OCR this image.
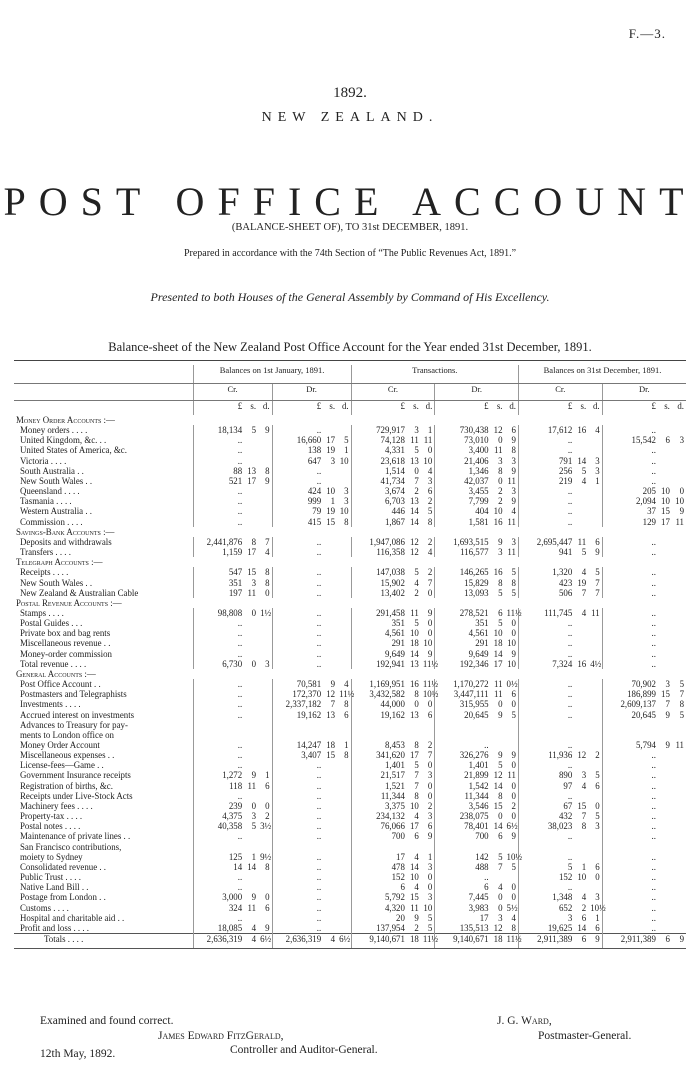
F.—3.
1892.
NEW ZEALAND.
POST OFFICE ACCOUNT
(BALANCE-SHEET OF), TO 31st DECEMBER, 1891.
Prepared in accordance with the 74th Section of “The Public Revenues Act, 1891.”
Presented to both Houses of the General Assembly by Command of His Excellency.
Balance-sheet of the New Zealand Post Office Account for the Year ended 31st December, 1891.
	Balances on 1st January, 1891.						Transactions.						Balances on 31st December, 1891.					
	Cr.			Dr.			Cr.			Dr.			Cr.			Dr.		
	£	s.	d.	£	s.	d.	£	s.	d.	£	s.	d.	£	s.	d.	£	s.	d.
Money Order Accounts :—																		
Money orders . . . .	18,134	5	9	..			729,917	3	1	730,438	12	6	17,612	16	4	..		
United Kingdom, &c. . .	..			16,660	17	5	74,128	11	11	73,010	0	9	..			15,542	6	3
United States of America, &c.	..			138	19	1	4,331	5	0	3,400	11	8	..			..		
Victoria . . . .	..			647	3	10	23,618	13	10	21,406	3	3	791	14	3	..		
South Australia . .	88	13	8	..			1,514	0	4	1,346	8	9	256	5	3	..		
New South Wales . .	521	17	9	..			41,734	7	3	42,037	0	11	219	4	1	..		
Queensland . . . .	..			424	10	3	3,674	2	6	3,455	2	3	..			205	10	0
Tasmania . . . .	..			999	1	3	6,703	13	2	7,799	2	9	..			2,094	10	10
Western Australia . .	..			79	19	10	446	14	5	404	10	4	..			37	15	9
Commission . . . .	..			415	15	8	1,867	14	8	1,581	16	11	..			129	17	11
Savings-Bank Accounts :—																		
Deposits and withdrawals	2,441,876	8	7	..			1,947,086	12	2	1,693,515	9	3	2,695,447	11	6	..		
Transfers . . . .	1,159	17	4	..			116,358	12	4	116,577	3	11	941	5	9	..		
Telegraph Accounts :—																		
Receipts . . . .	547	15	8	..			147,038	5	2	146,265	16	5	1,320	4	5	..		
New South Wales . .	351	3	8	..			15,902	4	7	15,829	8	8	423	19	7	..		
New Zealand & Australian Cable	197	11	0	..			13,402	2	0	13,093	5	5	506	7	7	..		
Postal Revenue Accounts :—																		
Stamps . . . .	98,808	0	1½	..			291,458	11	9	278,521	6	11½	111,745	4	11	..		
Postal Guides . . .	..			..			351	5	0	351	5	0	..			..		
Private box and bag rents	..			..			4,561	10	0	4,561	10	0	..			..		
Miscellaneous revenue . .	..			..			291	18	10	291	18	10	..			..		
Money-order commission	..			..			9,649	14	9	9,649	14	9	..			..		
Total revenue . . . .	6,730	0	3	..			192,941	13	11½	192,346	17	10	7,324	16	4½	..		
General Accounts :—																		
Post Office Account . .	..			70,581	9	4	1,169,951	16	11½	1,170,272	11	0½	..			70,902	3	5
Postmasters and Telegraphists	..			172,370	12	11½	3,432,582	8	10½	3,447,111	11	6	..			186,899	15	7
Investments . . . .	..			2,337,182	7	8	44,000	0	0	315,955	0	0	..			2,609,137	7	8
Accrued interest on investments	..			19,162	13	6	19,162	13	6	20,645	9	5	..			20,645	9	5
Advances to Treasury for pay-																		
ments to London office on																		
Money Order Account	..			14,247	18	1	8,453	8	2	..			..			5,794	9	11
Miscellaneous expenses . .	..			3,407	15	8	341,620	17	7	326,276	9	9	11,936	12	2	..		
License-fees—Game . .	..			..			1,401	5	0	1,401	5	0	..			..		
Government Insurance receipts	1,272	9	1	..			21,517	7	3	21,899	12	11	890	3	5	..		
Registration of births, &c.	118	11	6	..			1,521	7	0	1,542	14	0	97	4	6	..		
Receipts under Live-Stock Acts	..			..			11,344	8	0	11,344	8	0	..			..		
Machinery fees . . . .	239	0	0	..			3,375	10	2	3,546	15	2	67	15	0	..		
Property-tax . . . .	4,375	3	2	..			234,132	4	3	238,075	0	0	432	7	5	..		
Postal notes . . . .	40,358	5	3½	..			76,066	17	6	78,401	14	6½	38,023	8	3	..		
Maintenance of private lines . .	..			..			700	6	9	700	6	9	..			..		
San Francisco contributions,																		
moiety to Sydney	125	1	9½	..			17	4	1	142	5	10½	..			..		
Consolidated revenue . .	14	14	8	..			478	14	3	488	7	5	5	1	6	..		
Public Trust . . . .	..			..			152	10	0	..			152	10	0	..		
Native Land Bill . .	..			..			6	4	0	6	4	0	..			..		
Postage from London . .	3,000	9	0	..			5,792	15	3	7,445	0	0	1,348	4	3	..		
Customs . . . .	324	11	6	..			4,320	11	10	3,983	0	5½	652	2	10½	..		
Hospital and charitable aid . .	..			..			20	9	5	17	3	4	3	6	1	..		
Profit and loss . . . .	18,085	4	9	..			137,954	2	5	135,513	12	8	19,625	14	6	..		
Totals . . . .	2,636,319	4	6½	2,636,319	4	6½	9,140,671	18	11½	9,140,671	18	11½	2,911,389	6	9	2,911,389	6	9
Examined and found correct.
James Edward FitzGerald,
Controller and Auditor-General.
J. G. Ward,
Postmaster-General.
12th May, 1892.
